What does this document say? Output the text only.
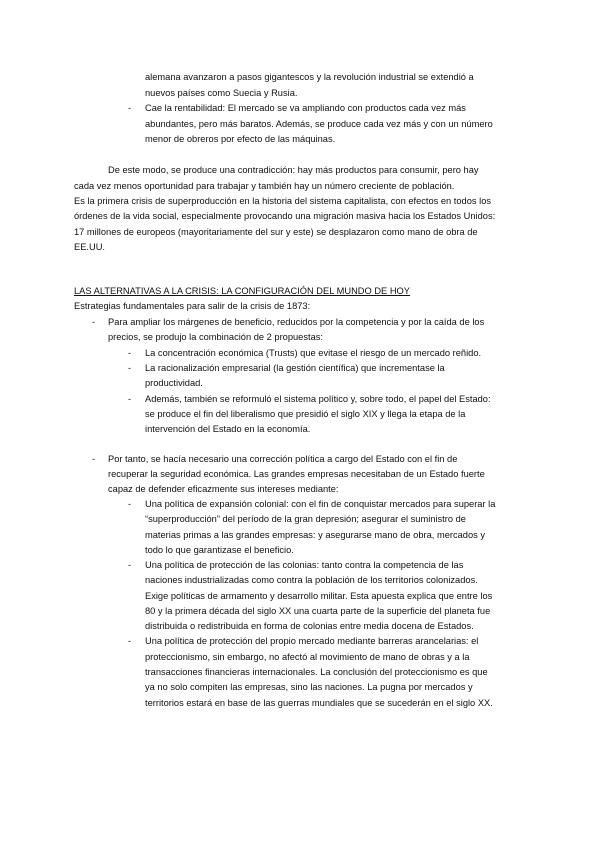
alemana avanzaron a pasos gigantescos y la revolución industrial se extendió a
nuevos países como Suecia y Rusia.
- Cae la rentabilidad: El mercado se va ampliando con productos cada vez más
abundantes, pero más baratos. Además, se produce cada vez más y con un número
menor de obreros por efecto de las máquinas.
De este modo, se produce una contradicción: hay más productos para consumir, pero hay
cada vez menos oportunidad para trabajar y también hay un número creciente de población.
Es la primera crisis de superproducción en la historia del sistema capitalista, con efectos en todos los
órdenes de la vida social, especialmente provocando una migración masiva hacia los Estados Unidos:
17 millones de europeos (mayoritariamente del sur y este) se desplazaron como mano de obra de
EE.UU.
LAS ALTERNATIVAS A LA CRISIS: LA CONFIGURACIÓN DEL MUNDO DE HOY
Estrategias fundamentales para salir de la crisis de 1873:
- Para ampliar los márgenes de beneficio, reducidos por la competencia y por la caída de los
precios, se produjo la combinación de 2 propuestas:
- La concentración económica (Trusts) que evitase el riesgo de un mercado reñido.
- La racionalización empresarial (la gestión científica) que incrementase la
productividad.
- Además, también se reformuló el sistema político y, sobre todo, el papel del Estado:
se produce el fin del liberalismo que presidió el siglo XIX y llega la etapa de la
intervención del Estado en la economía.
- Por tanto, se hacía necesario una corrección política a cargo del Estado con el fin de
recuperar la seguridad económica. Las grandes empresas necesitaban de un Estado fuerte
capaz de defender eficazmente sus intereses mediante:
- Una política de expansión colonial: con el fin de conquistar mercados para superar la
“superproducción” del período de la gran depresión; asegurar el suministro de
materias primas a las grandes empresas: y asegurarse mano de obra, mercados y
todo lo que garantizase el beneficio.
- Una política de protección de las colonias: tanto contra la competencia de las
naciones industrializadas como contra la población de los territorios colonizados.
Exige políticas de armamento y desarrollo militar. Esta apuesta explica que entre los
80 y la primera década del siglo XX una cuarta parte de la superficie del planeta fue
distribuida o redistribuida en forma de colonias entre media docena de Estados.
- Una política de protección del propio mercado mediante barreras arancelarias: el
proteccionismo, sin embargo, no afectó al movimiento de mano de obras y a la
transacciones financieras internacionales. La conclusión del proteccionismo es que
ya no solo compiten las empresas, sino las naciones. La pugna por mercados y
territorios estará en base de las guerras mundiales que se sucederán en el siglo XX.
